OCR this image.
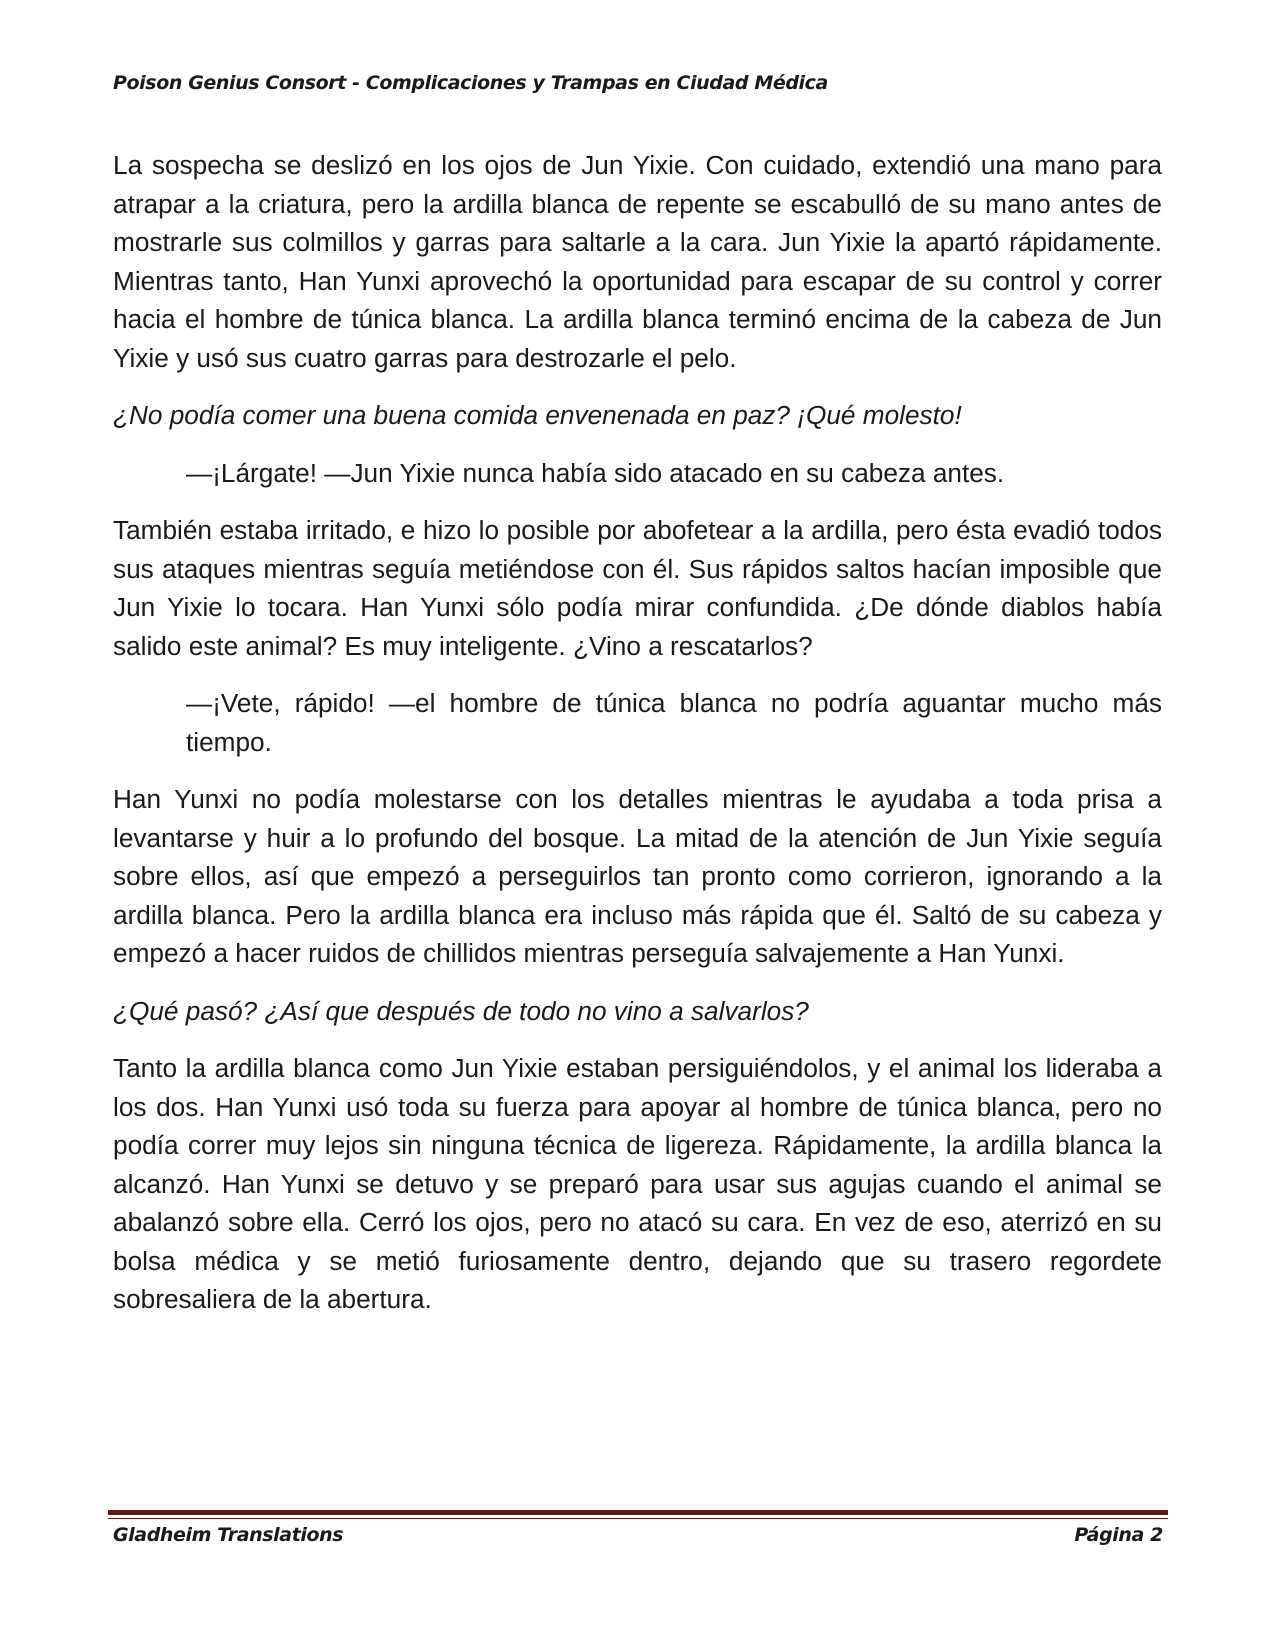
Poison Genius Consort - Complicaciones y Trampas en Ciudad Médica

La sospecha se deslizó en los ojos de Jun Yixie. Con cuidado, extendió una mano para atrapar a la criatura, pero la ardilla blanca de repente se escabulló de su mano antes de mostrarle sus colmillos y garras para saltarle a la cara. Jun Yixie la apartó rápidamente. Mientras tanto, Han Yunxi aprovechó la oportunidad para escapar de su control y correr hacia el hombre de túnica blanca. La ardilla blanca terminó encima de la cabeza de Jun Yixie y usó sus cuatro garras para destrozarle el pelo.

¿No podía comer una buena comida envenenada en paz? ¡Qué molesto!

—¡Lárgate! —Jun Yixie nunca había sido atacado en su cabeza antes.

También estaba irritado, e hizo lo posible por abofetear a la ardilla, pero ésta evadió todos sus ataques mientras seguía metiéndose con él. Sus rápidos saltos hacían imposible que Jun Yixie lo tocara. Han Yunxi sólo podía mirar confundida. ¿De dónde diablos había salido este animal? Es muy inteligente. ¿Vino a rescatarlos?

—¡Vete, rápido! —el hombre de túnica blanca no podría aguantar mucho más tiempo.

Han Yunxi no podía molestarse con los detalles mientras le ayudaba a toda prisa a levantarse y huir a lo profundo del bosque. La mitad de la atención de Jun Yixie seguía sobre ellos, así que empezó a perseguirlos tan pronto como corrieron, ignorando a la ardilla blanca. Pero la ardilla blanca era incluso más rápida que él. Saltó de su cabeza y empezó a hacer ruidos de chillidos mientras perseguía salvajemente a Han Yunxi.

¿Qué pasó? ¿Así que después de todo no vino a salvarlos?

Tanto la ardilla blanca como Jun Yixie estaban persiguiéndolos, y el animal los lideraba a los dos. Han Yunxi usó toda su fuerza para apoyar al hombre de túnica blanca, pero no podía correr muy lejos sin ninguna técnica de ligereza. Rápidamente, la ardilla blanca la alcanzó. Han Yunxi se detuvo y se preparó para usar sus agujas cuando el animal se abalanzó sobre ella. Cerró los ojos, pero no atacó su cara. En vez de eso, aterrizó en su bolsa médica y se metió furiosamente dentro, dejando que su trasero regordete sobresaliera de la abertura.

Gladheim Translations	Página 2
